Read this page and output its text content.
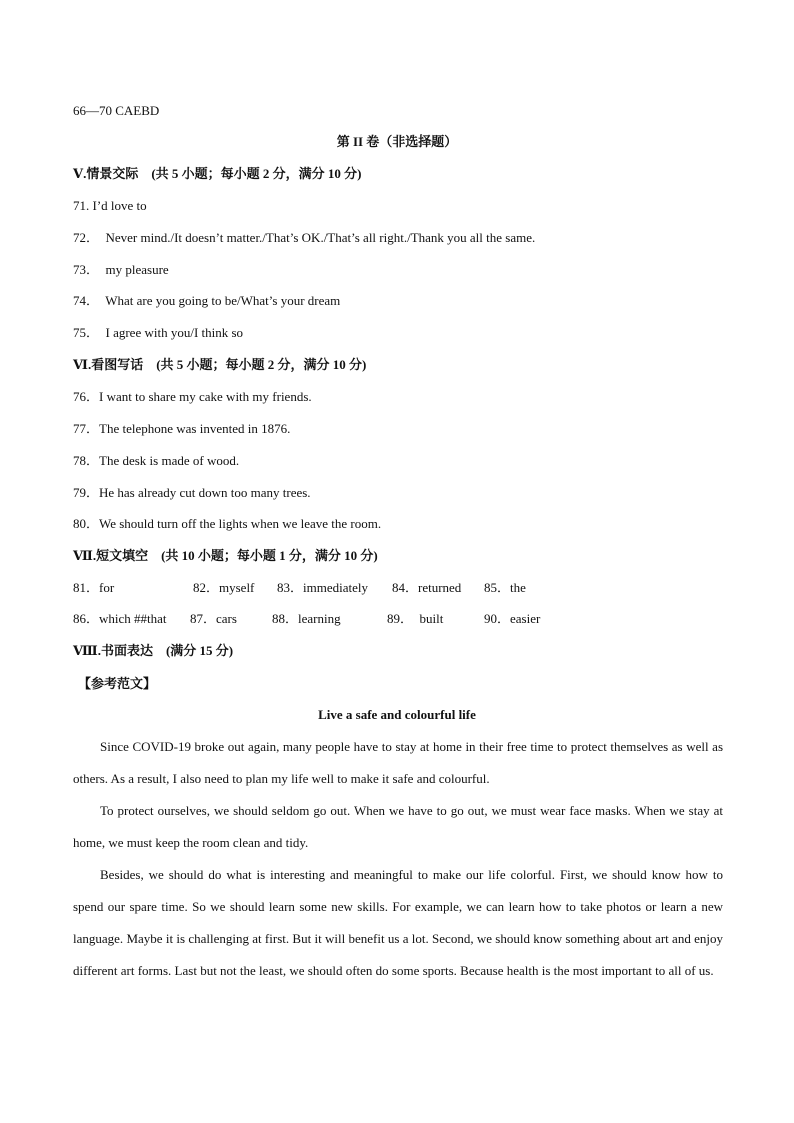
66—70 CAEBD
第 II 卷（非选择题）
Ⅴ.情景交际　(共 5 小题；每小题 2 分，满分 10 分)
71. I’d love to
72．  Never mind./It doesn’t matter./That’s OK./That’s all right./Thank you all the same.
73．  my pleasure
74．  What are you going to be/What’s your dream
75．  I agree with you/I think so
Ⅵ.看图写话　(共 5 小题；每小题 2 分，满分 10 分)
76．I want to share my cake with my friends.
77．The telephone was invented in 1876.
78．The desk is made of wood.
79．He has already cut down too many trees.
80．We should turn off the lights when we leave the room.
Ⅶ.短文填空　(共 10 小题；每小题 1 分，满分 10 分)
81．for	82．myself 83．immediately 84．returned 85．the
86．which ##that 87．cars	88．learning	89．  built	90．easier
Ⅷ.书面表达　(满分 15 分)
【参考范文】
Live a safe and colourful life

Since COVID-19 broke out again, many people have to stay at home in their free time to protect themselves as well as others. As a result, I also need to plan my life well to make it safe and colourful.

To protect ourselves, we should seldom go out. When we have to go out, we must wear face masks. When we stay at home, we must keep the room clean and tidy.

Besides, we should do what is interesting and meaningful to make our life colorful. First, we should know how to spend our spare time. So we should learn some new skills. For example, we can learn how to take photos or learn a new language. Maybe it is challenging at first. But it will benefit us a lot. Second, we should know something about art and enjoy different art forms. Last but not the least, we should often do some sports. Because health is the most important to all of us.
